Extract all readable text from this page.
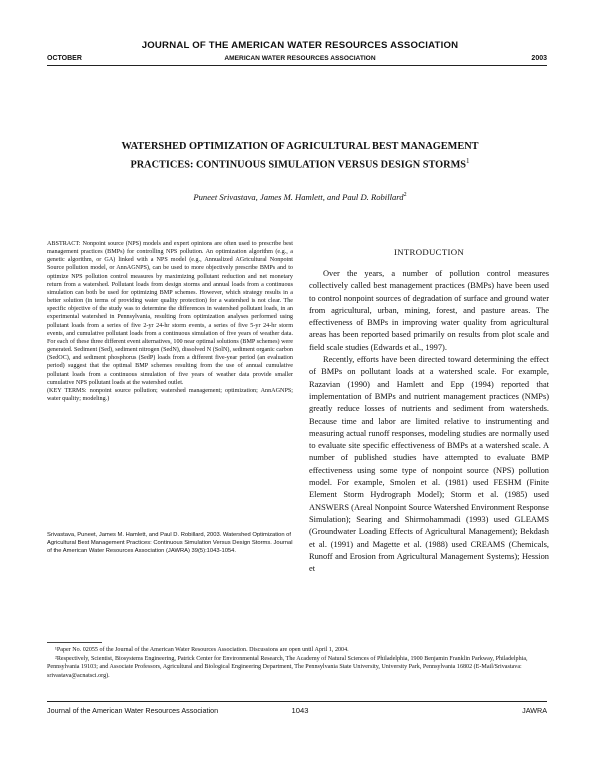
JOURNAL OF THE AMERICAN WATER RESOURCES ASSOCIATION
OCTOBER	AMERICAN WATER RESOURCES ASSOCIATION	2003
WATERSHED OPTIMIZATION OF AGRICULTURAL BEST MANAGEMENT
PRACTICES: CONTINUOUS SIMULATION VERSUS DESIGN STORMS$^1$
Puneet Srivastava, James M. Hamlett, and Paul D. Robillard$^2$

ABSTRACT: Nonpoint source (NPS) models and expert opinions are often used to prescribe best management practices (BMPs) for controlling NPS pollution. An optimization algorithm (e.g., a genetic algorithm, or GA) linked with a NPS model (e.g., Annualized AGricultural Nonpoint Source pollution model, or AnnAGNPS), can be used to more objectively prescribe BMPs and to optimize NPS pollution control measures by maximizing pollutant reduction and net monetary return from a watershed. Pollutant loads from design storms and annual loads from a continuous simulation can both be used for optimizing BMP schemes. However, which strategy results in a better solution (in terms of providing water quality protection) for a watershed is not clear. The specific objective of the study was to determine the differences in watershed pollutant loads, in an experimental watershed in Pennsylvania, resulting from optimization analyses performed using pollutant loads from a series of five 2-yr 24-hr storm events, a series of five 5-yr 24-hr storm events, and cumulative pollutant loads from a continuous simulation of five years of weather data. For each of these three different event alternatives, 100 near optimal solutions (BMP schemes) were generated. Sediment (Sed), sediment nitrogen (SedN), dissolved N (SolN), sediment organic carbon (SedOC), and sediment phosphorus (SedP) loads from a different five-year period (an evaluation period) suggest that the optimal BMP schemes resulting from the use of annual cumulative pollutant loads from a continuous simulation of five years of weather data provide smaller cumulative NPS pollutant loads at the watershed outlet.

(KEY TERMS: nonpoint source pollution; watershed management; optimization; AnnAGNPS; water quality; modeling.)

Srivastava, Puneet, James M. Hamlett, and Paul D. Robillard, 2003. Watershed Optimization of Agricultural Best Management Practices: Continuous Simulation Versus Design Storms. Journal of the American Water Resources Association (JAWRA) 39(5):1043-1054.
INTRODUCTION

Over the years, a number of pollution control measures collectively called best management practices (BMPs) have been used to control nonpoint sources of degradation of surface and ground water from agricultural, urban, mining, forest, and pasture areas. The effectiveness of BMPs in improving water quality from agricultural areas has been reported based primarily on results from plot scale and field scale studies (Edwards et al., 1997).

Recently, efforts have been directed toward determining the effect of BMPs on pollutant loads at a watershed scale. For example, Razavian (1990) and Hamlett and Epp (1994) reported that implementation of BMPs and nutrient management practices (NMPs) greatly reduce losses of nutrients and sediment from watersheds. Because time and labor are limited relative to instrumenting and measuring actual runoff responses, modeling studies are normally used to evaluate site specific effectiveness of BMPs at a watershed scale. A number of published studies have attempted to evaluate BMP effectiveness using some type of nonpoint source (NPS) pollution model. For example, Smolen et al. (1981) used FESHM (Finite Element Storm Hydrograph Model); Storm et al. (1985) used ANSWERS (Areal Nonpoint Source Watershed Environment Response Simulation); Searing and Shirmohammadi (1993) used GLEAMS (Groundwater Loading Effects of Agricultural Management); Bekdash et al. (1991) and Magette et al. (1988) used CREAMS (Chemicals, Runoff and Erosion from Agricultural Management Systems); Hession et

¹Paper No. 02055 of the Journal of the American Water Resources Association. Discussions are open until April 1, 2004.

²Respectively, Scientist, Biosystems Engineering, Patrick Center for Environmental Research, The Academy of Natural Sciences of Philadelphia, 1900 Benjamin Franklin Parkway, Philadelphia, Pennsylvania 19103; and Associate Professors, Agricultural and Biological Engineering Department, The Pennsylvania State University, University Park, Pennsylvania 16802 (E-Mail/Srivastava: srivastava@acnatsci.org).

Journal of the American Water Resources Association	1043	JAWRA
